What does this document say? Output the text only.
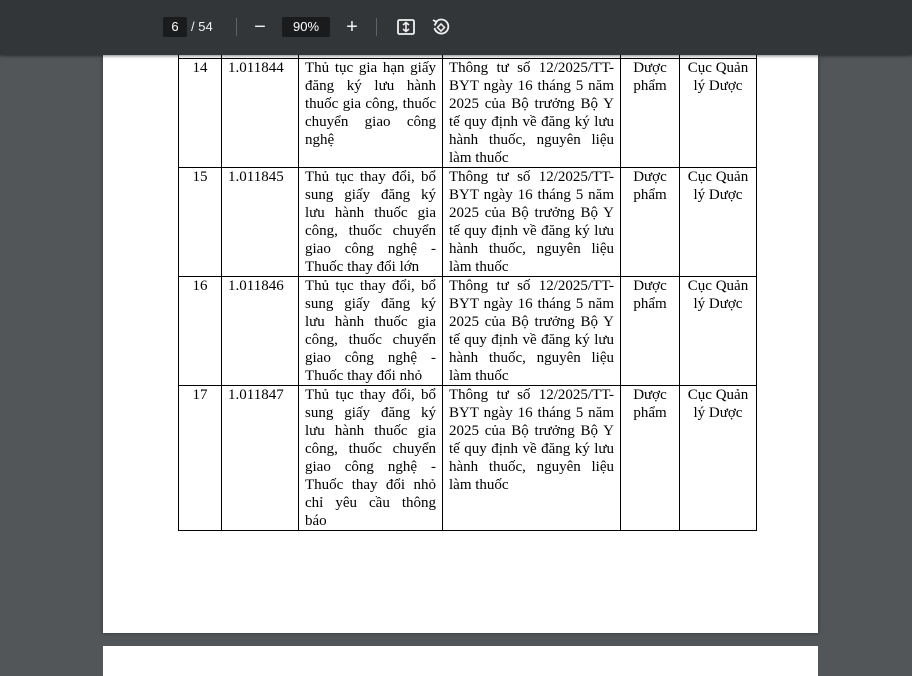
6 / 54	−	90%	+

14	1.011844	Thủ tục gia hạn giấy đăng ký lưu hành thuốc gia công, thuốc chuyển giao công nghệ	Thông tư số 12/2025/TT-BYT ngày 16 tháng 5 năm 2025 của Bộ trưởng Bộ Y tế quy định về đăng ký lưu hành thuốc, nguyên liệu làm thuốc	Dược phẩm	Cục Quản lý Dược
15	1.011845	Thủ tục thay đổi, bổ sung giấy đăng ký lưu hành thuốc gia công, thuốc chuyển giao công nghệ - Thuốc thay đổi lớn	Thông tư số 12/2025/TT-BYT ngày 16 tháng 5 năm 2025 của Bộ trưởng Bộ Y tế quy định về đăng ký lưu hành thuốc, nguyên liệu làm thuốc	Dược phẩm	Cục Quản lý Dược
16	1.011846	Thủ tục thay đổi, bổ sung giấy đăng ký lưu hành thuốc gia công, thuốc chuyển giao công nghệ - Thuốc thay đổi nhỏ	Thông tư số 12/2025/TT-BYT ngày 16 tháng 5 năm 2025 của Bộ trưởng Bộ Y tế quy định về đăng ký lưu hành thuốc, nguyên liệu làm thuốc	Dược phẩm	Cục Quản lý Dược
17	1.011847	Thủ tục thay đổi, bổ sung giấy đăng ký lưu hành thuốc gia công, thuốc chuyển giao công nghệ - Thuốc thay đổi nhỏ chỉ yêu cầu thông báo	Thông tư số 12/2025/TT-BYT ngày 16 tháng 5 năm 2025 của Bộ trưởng Bộ Y tế quy định về đăng ký lưu hành thuốc, nguyên liệu làm thuốc	Dược phẩm	Cục Quản lý Dược
